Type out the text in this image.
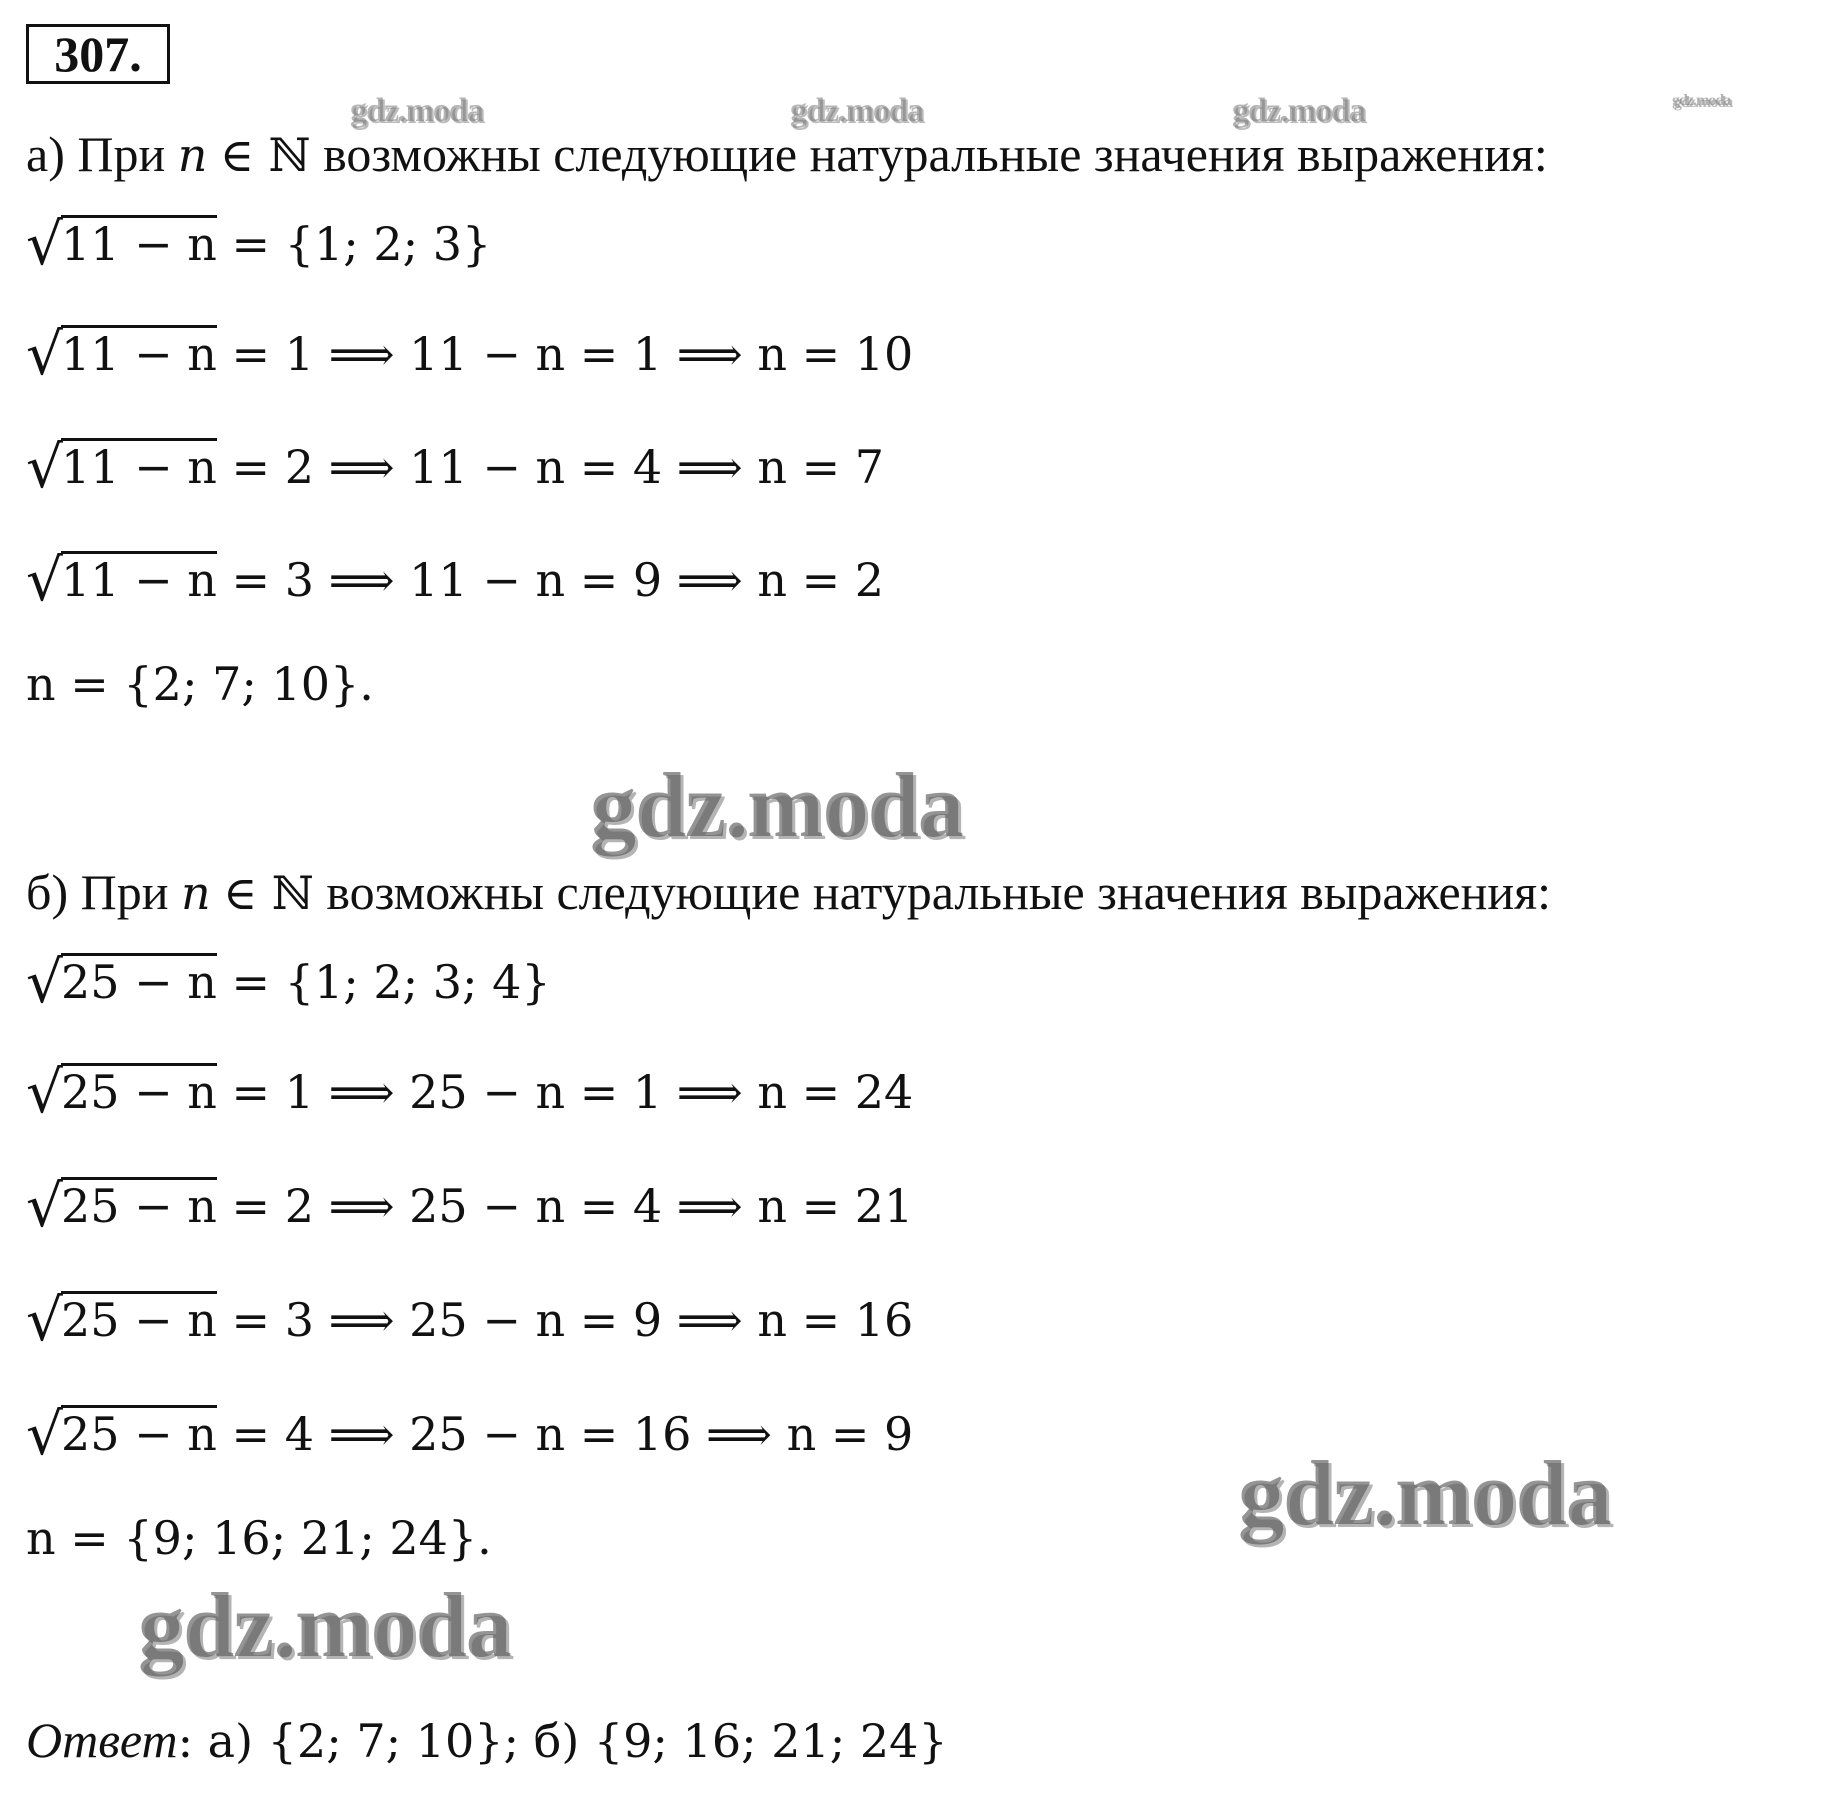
307.
gdz.moda	gdz.moda	gdz.moda	gdz.moda
а) При n ∈ ℕ возможны следующие натуральные значения выражения:
√11 − n = {1; 2; 3}
√11 − n = 1 ⟹ 11 − n = 1 ⟹ n = 10
√11 − n = 2 ⟹ 11 − n = 4 ⟹ n = 7
√11 − n = 3 ⟹ 11 − n = 9 ⟹ n = 2
n = {2; 7; 10}.
gdz.moda
б) При n ∈ ℕ возможны следующие натуральные значения выражения:
√25 − n = {1; 2; 3; 4}
√25 − n = 1 ⟹ 25 − n = 1 ⟹ n = 24
√25 − n = 2 ⟹ 25 − n = 4 ⟹ n = 21
√25 − n = 3 ⟹ 25 − n = 9 ⟹ n = 16
√25 − n = 4 ⟹ 25 − n = 16 ⟹ n = 9
n = {9; 16; 21; 24}.	gdz.moda
gdz.moda
Ответ: а) {2; 7; 10}; б) {9; 16; 21; 24}
